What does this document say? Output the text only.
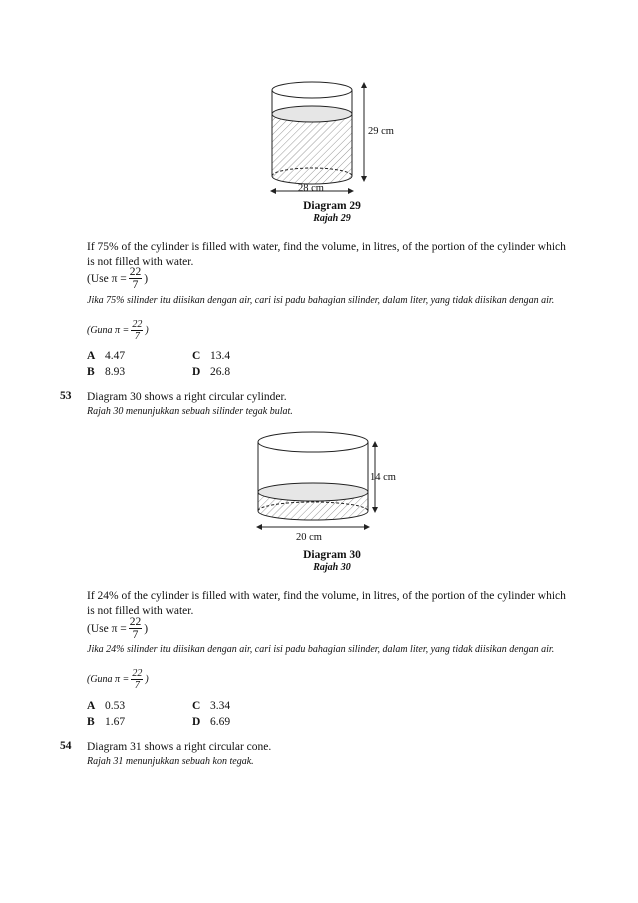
29 cm
28 cm
Diagram 29
Rajah 29
If 75% of the cylinder is filled with water, find the volume, in litres, of the portion of the cylinder which is not filled with water.
(Use $\pi = \frac{22}{7}$ )
Jika 75% silinder itu diisikan dengan air, cari isi padu bahagian silinder, dalam liter, yang tidak diisikan dengan air.
(Guna $\pi = \frac{22}{7}$ )
A 4.47
B 8.93
C 13.4
D 26.8
53 Diagram 30 shows a right circular cylinder.
Rajah 30 menunjukkan sebuah silinder tegak bulat.
14 cm
20 cm
Diagram 30
Rajah 30
If 24% of the cylinder is filled with water, find the volume, in litres, of the portion of the cylinder which is not filled with water.
(Use $\pi = \frac{22}{7}$ )
Jika 24% silinder itu diisikan dengan air, cari isi padu bahagian silinder, dalam liter, yang tidak diisikan dengan air.
(Guna $\pi = \frac{22}{7}$ )
A 0.53
B 1.67
C 3.34
D 6.69
54 Diagram 31 shows a right circular cone.
Rajah 31 menunjukkan sebuah kon tegak.
